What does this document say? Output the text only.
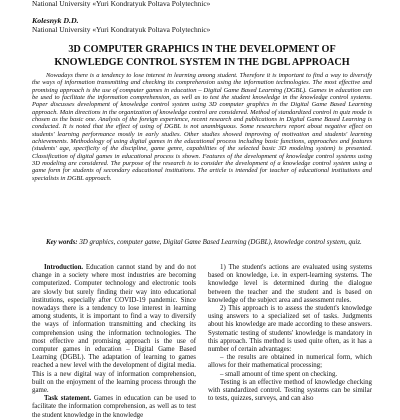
National University «Yuri Kondratyuk Poltava Polytechnic»
Kolesnyk D.D.
National University «Yuri Kondratyuk Poltava Polytechnic»
3D COMPUTER GRAPHICS IN THE DEVELOPMENT OF
KNOWLEDGE CONTROL SYSTEM IN THE DGBL APPROACH

Nowadays there is a tendency to lose interest in learning among student. Therefore it is important to find a way to diversify the ways of information transmitting and checking its comprehension using the information technologies. The most effective and promising approach is the use of computer games in education – Digital Game Based Learning (DGBL). Games in education can be used to facilitate the information comprehension, as well as to test the student knowledge in the knowledge control systems. Paper discusses development of knowledge control system using 3D computer graphics in the Digital Game Based Learning approach. Main directions in the organization of knowledge control are considered. Method of standardized control in quiz mode is chosen as the basic one. Analysis of the foreign experience, recent research and publications in Digital Game Based Learning is conducted. It is noted that the effect of using of DGBL is not unambiguous. Some researchers report about negative effect on students' learning performance mostly in early studies. Other studies showed improving of motivation and students' learning achievements. Methodology of using digital games in the educational process including basic functions, approaches and features (students' age, specificity of the discipline, game genre, capabilities of the selected basic 3D modeling system) is presented. Classification of digital games in educational process is shown. Features of the development of knowledge control systems using 3D modeling are considered. The purpose of the research is to consider the development of a knowledge control system using a game form for students of secondary educational institutions. The article is intended for teacher of educational institutions and specialists in DGBL approach.

Key words: 3D graphics, computer game, Digital Game Based Learning (DGBL), knowledge control system, quiz.

Introduction. Education cannot stand by and do not change in a society where most industries are becoming computerized. Computer technology and electronic tools are slowly but surely finding their way into educational institutions, especially after COVID-19 pandemic. Since nowadays there is a tendency to lose interest in learning among students, it is important to find a way to diversify the ways of information transmitting and checking its comprehension using the information technologies. The most effective and promising approach is the use of computer games in education – Digital Game Based Learning (DGBL). The adaptation of learning to games reached a new level with the development of digital media. This is a new digital way of information comprehension, built on the enjoyment of the learning process through the game.

Task statement. Games in education can be used to facilitate the information comprehension, as well as to test the student knowledge in the knowledge

1) The student's actions are evaluated using systems based on knowledge, i.e. in expert-learning systems. The knowledge level is determined during the dialogue between the teacher and the student and is based on knowledge of the subject area and assessment rules.

2) This approach is to assess the student's knowledge using answers to a specialized set of tasks. Judgments about his knowledge are made according to these answers. Systematic testing of students' knowledge is mandatory in this approach. This method is used quite often, as it has a number of certain advantages:

– the results are obtained in numerical form, which allows for their mathematical processing;

– small amount of time spent on checking.

Testing is an effective method of knowledge checking with standardized control. Testing systems can be similar to tests, quizzes, surveys, and can also
